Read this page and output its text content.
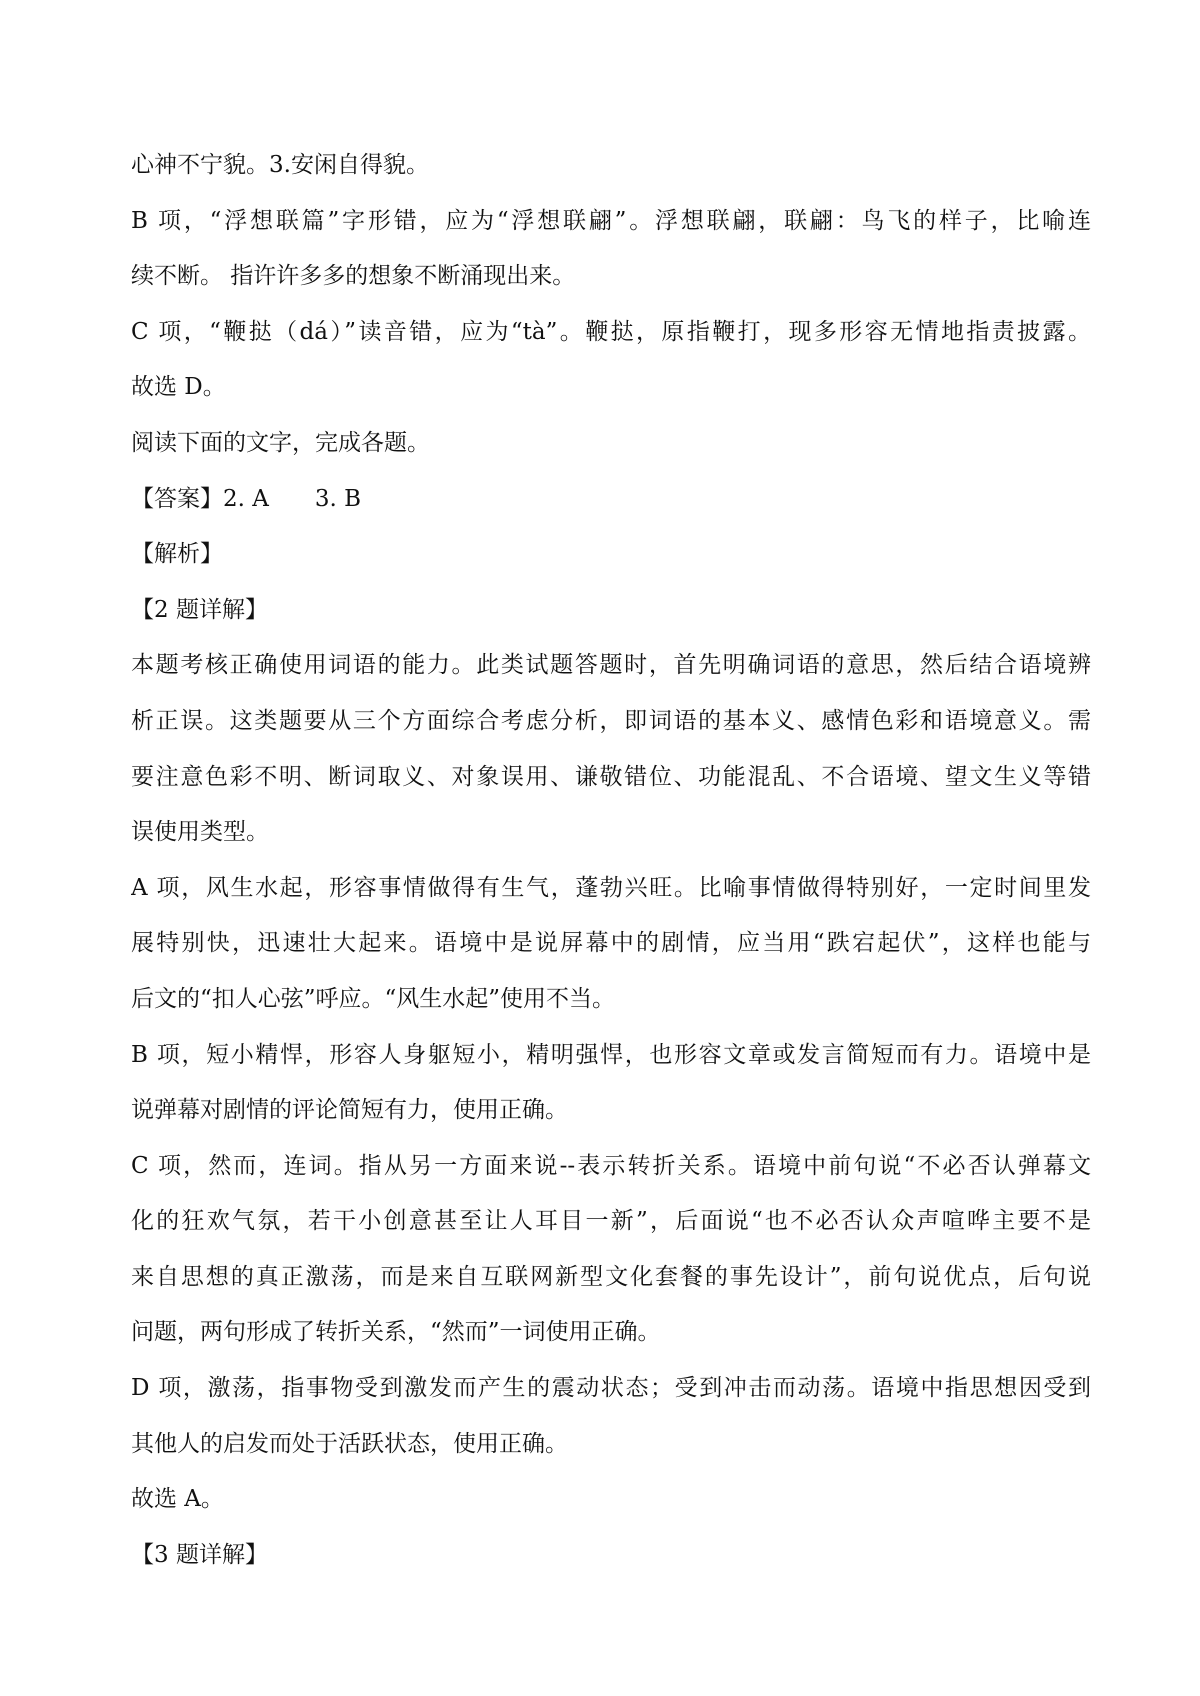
心神不宁貌。3.安闲自得貌。
B 项，“浮想联篇”字形错，应为“浮想联翩”。浮想联翩，联翩：鸟飞的样子，比喻连
续不断。 指许许多多的想象不断涌现出来。
C 项，“鞭挞（dá）”读音错，应为“tà”。鞭挞，原指鞭打，现多形容无情地指责披露。
故选 D。
阅读下面的文字，完成各题。
【答案】2. A　　3. B
【解析】
【2 题详解】
本题考核正确使用词语的能力。此类试题答题时，首先明确词语的意思，然后结合语境辨
析正误。这类题要从三个方面综合考虑分析，即词语的基本义、感情色彩和语境意义。需
要注意色彩不明、断词取义、对象误用、谦敬错位、功能混乱、不合语境、望文生义等错
误使用类型。
A 项，风生水起，形容事情做得有生气，蓬勃兴旺。比喻事情做得特别好，一定时间里发
展特别快，迅速壮大起来。语境中是说屏幕中的剧情，应当用“跌宕起伏”，这样也能与
后文的“扣人心弦”呼应。“风生水起”使用不当。
B 项，短小精悍，形容人身躯短小，精明强悍，也形容文章或发言简短而有力。语境中是
说弹幕对剧情的评论简短有力，使用正确。
C 项，然而，连词。指从另一方面来说--表示转折关系。语境中前句说“不必否认弹幕文
化的狂欢气氛，若干小创意甚至让人耳目一新”，后面说“也不必否认众声喧哗主要不是
来自思想的真正激荡，而是来自互联网新型文化套餐的事先设计”，前句说优点，后句说
问题，两句形成了转折关系，“然而”一词使用正确。
D 项，激荡，指事物受到激发而产生的震动状态；受到冲击而动荡。语境中指思想因受到
其他人的启发而处于活跃状态，使用正确。
故选 A。
【3 题详解】
